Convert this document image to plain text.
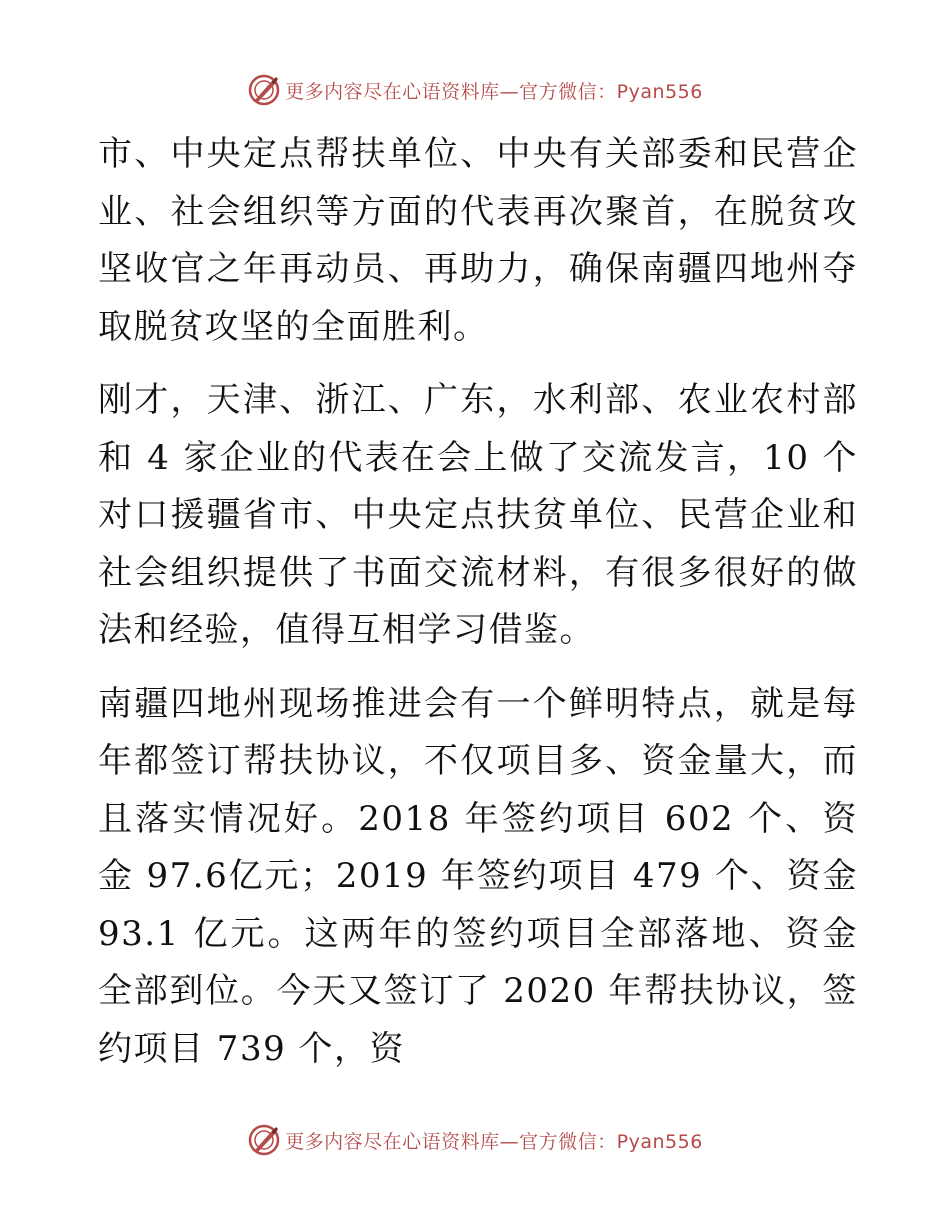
更多内容尽在心语资料库—官方微信：Pyan556

市、中央定点帮扶单位、中央有关部委和民营企业、社会组织等方面的代表再次聚首，在脱贫攻坚收官之年再动员、再助力，确保南疆四地州夺取脱贫攻坚的全面胜利。

刚才，天津、浙江、广东，水利部、农业农村部和 4 家企业的代表在会上做了交流发言，10 个对口援疆省市、中央定点扶贫单位、民营企业和社会组织提供了书面交流材料，有很多很好的做法和经验，值得互相学习借鉴。

南疆四地州现场推进会有一个鲜明特点，就是每年都签订帮扶协议，不仅项目多、资金量大，而且落实情况好。2018 年签约项目 602 个、资金 97.6亿元；2019 年签约项目 479 个、资金 93.1 亿元。这两年的签约项目全部落地、资金全部到位。今天又签订了 2020 年帮扶协议，签约项目 739 个，资

更多内容尽在心语资料库—官方微信：Pyan556
